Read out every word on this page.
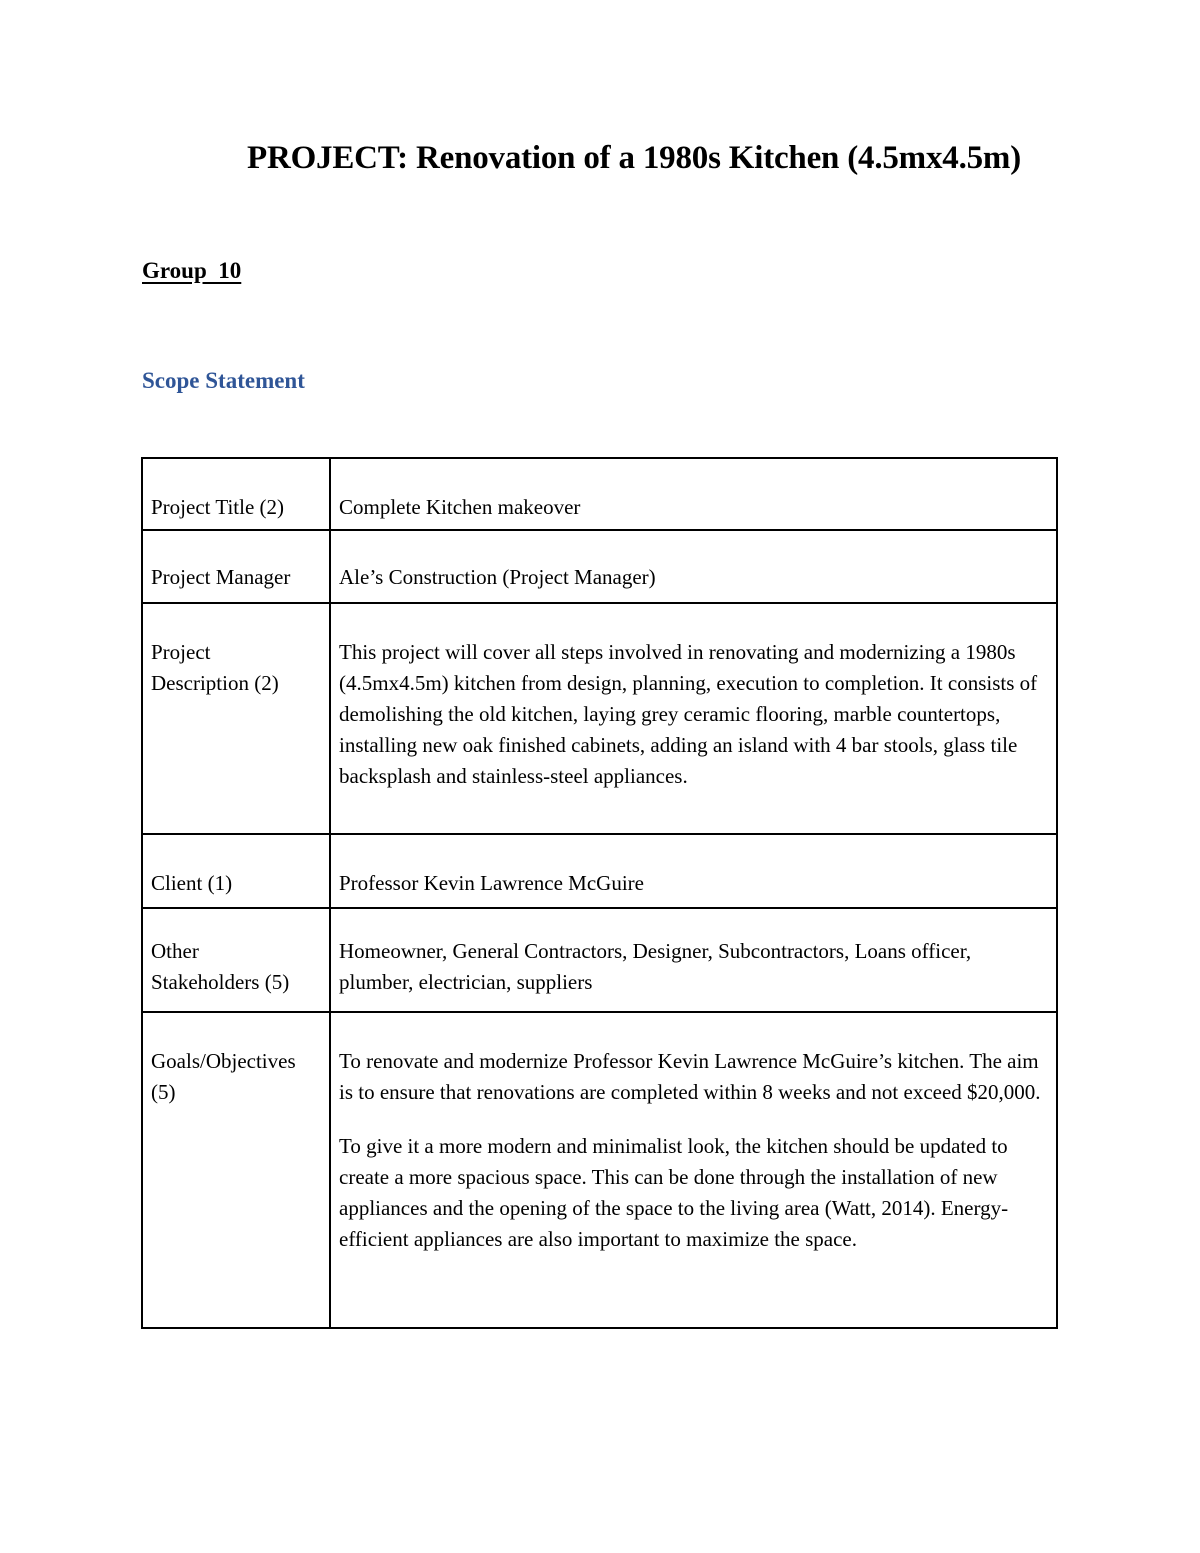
PROJECT: Renovation of a 1980s Kitchen (4.5mx4.5m)
Group  10
Scope Statement
Project Title (2)	Complete Kitchen makeover

Project Manager	Ale’s Construction (Project Manager)

Project Description (2)	This project will cover all steps involved in renovating and modernizing a 1980s (4.5mx4.5m) kitchen from design, planning, execution to completion. It consists of demolishing the old kitchen, laying grey ceramic flooring, marble countertops, installing new oak finished cabinets, adding an island with 4 bar stools, glass tile backsplash and stainless-steel appliances.

Client (1)	Professor Kevin Lawrence McGuire

Other Stakeholders (5)	Homeowner, General Contractors, Designer, Subcontractors, Loans officer, plumber, electrician, suppliers

Goals/Objectives (5)	To renovate and modernize Professor Kevin Lawrence McGuire’s kitchen. The aim is to ensure that renovations are completed within 8 weeks and not exceed $20,000.

To give it a more modern and minimalist look, the kitchen should be updated to create a more spacious space. This can be done through the installation of new appliances and the opening of the space to the living area (Watt, 2014). Energy-efficient appliances are also important to maximize the space.
